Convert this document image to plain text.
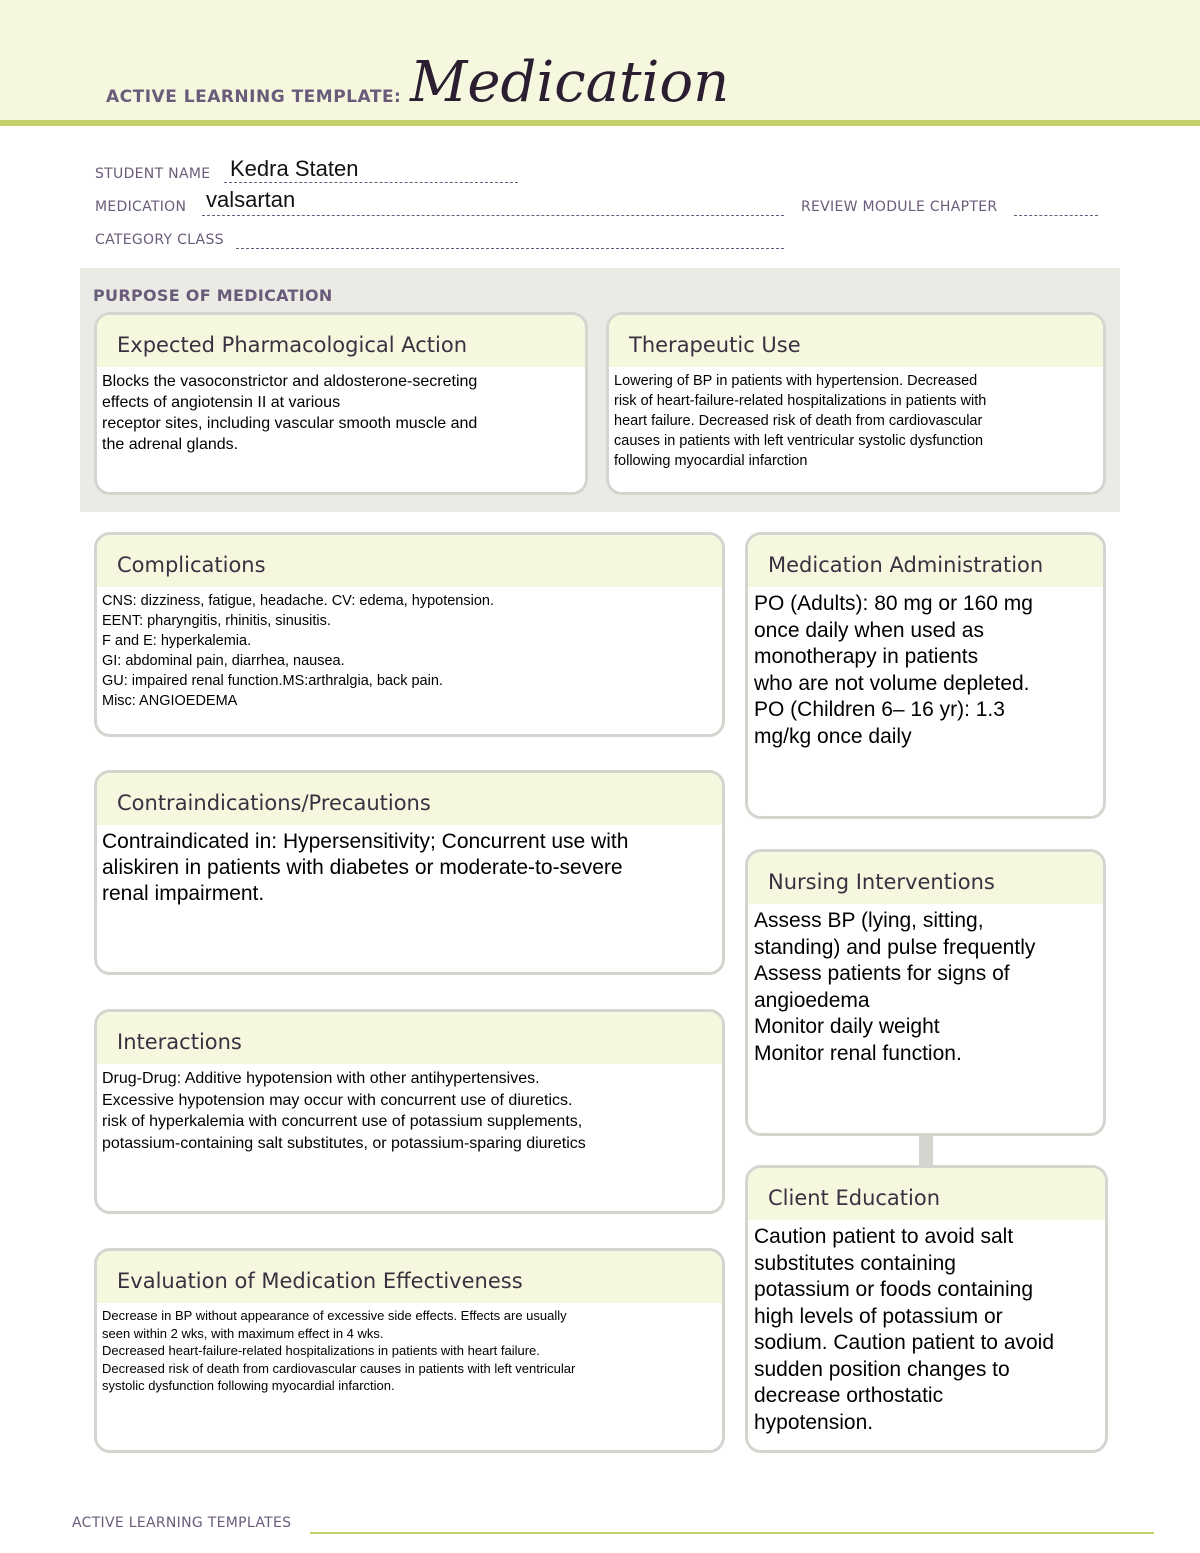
ACTIVE LEARNING TEMPLATE: Medication
STUDENT NAME Kedra Staten
MEDICATION valsartan	REVIEW MODULE CHAPTER
CATEGORY CLASS
PURPOSE OF MEDICATION
Expected Pharmacological Action
Blocks the vasoconstrictor and aldosterone-secreting
effects of angiotensin II at various
receptor sites, including vascular smooth muscle and
the adrenal glands.
Therapeutic Use
Lowering of BP in patients with hypertension. Decreased
risk of heart-failure-related hospitalizations in patients with
heart failure. Decreased risk of death from cardiovascular
causes in patients with left ventricular systolic dysfunction
following myocardial infarction
Complications
CNS: dizziness, fatigue, headache. CV: edema, hypotension.
EENT: pharyngitis, rhinitis, sinusitis.
F and E: hyperkalemia.
GI: abdominal pain, diarrhea, nausea.
GU: impaired renal function.MS:arthralgia, back pain.
Misc: ANGIOEDEMA
Contraindications/Precautions
Contraindicated in: Hypersensitivity; Concurrent use with
aliskiren in patients with diabetes or moderate-to-severe
renal impairment.
Interactions
Drug-Drug: Additive hypotension with other antihypertensives.
Excessive hypotension may occur with concurrent use of diuretics.
risk of hyperkalemia with concurrent use of potassium supplements,
potassium-containing salt substitutes, or potassium-sparing diuretics
Evaluation of Medication Effectiveness
Decrease in BP without appearance of excessive side effects. Effects are usually
seen within 2 wks, with maximum effect in 4 wks.
Decreased heart-failure-related hospitalizations in patients with heart failure.
Decreased risk of death from cardiovascular causes in patients with left ventricular
systolic dysfunction following myocardial infarction.
Medication Administration
PO (Adults): 80 mg or 160 mg
once daily when used as
monotherapy in patients
who are not volume depleted.
PO (Children 6– 16 yr): 1.3
mg/kg once daily
Nursing Interventions
Assess BP (lying, sitting,
standing) and pulse frequently
Assess patients for signs of
angioedema
Monitor daily weight
Monitor renal function.
Client Education
Caution patient to avoid salt
substitutes containing
potassium or foods containing
high levels of potassium or
sodium. Caution patient to avoid
sudden position changes to
decrease orthostatic
hypotension.
ACTIVE LEARNING TEMPLATES
